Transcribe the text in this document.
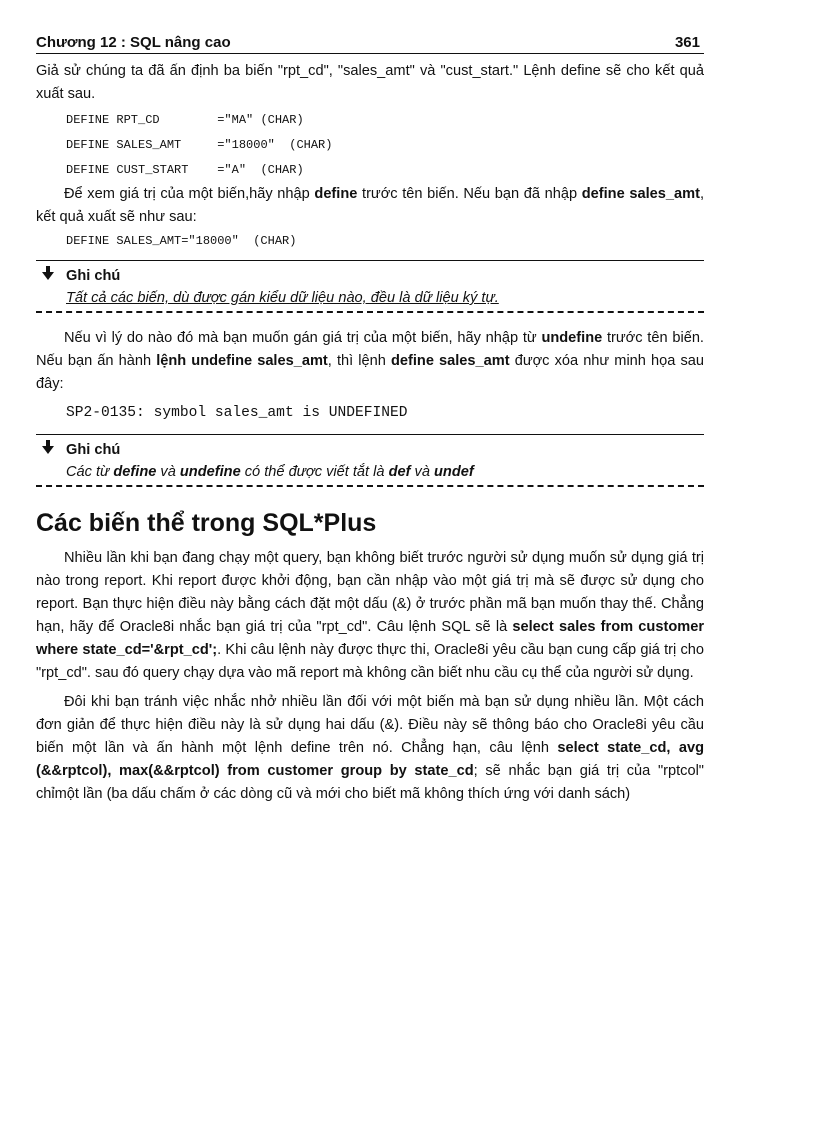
Chương 12 : SQL nâng cao	361

Giả sử chúng ta đã ấn định ba biến "rpt_cd", "sales_amt" và "cust_start." Lệnh define sẽ cho kết quả xuất sau.

DEFINE RPT_CD        ="MA" (CHAR)
DEFINE SALES_AMT     ="18000"  (CHAR)
DEFINE CUST_START    ="A"  (CHAR)

Để xem giá trị của một biến,hãy nhập define trước tên biến. Nếu bạn đã nhập define sales_amt, kết quả xuất sẽ như sau:

DEFINE SALES_AMT="18000"  (CHAR)
Ghi chú
Tất cả các biến, dù được gán kiểu dữ liệu nào, đều là dữ liệu ký tự.

Nếu vì lý do nào đó mà bạn muốn gán giá trị của một biến, hãy nhập từ undefine trước tên biến. Nếu bạn ấn hành lệnh undefine sales_amt, thì lệnh define sales_amt được xóa như minh họa sau đây:

SP2-0135: symbol sales_amt is UNDEFINED
Ghi chú
Các từ define và undefine có thể được viết tắt là def và undef
Các biến thể trong SQL*Plus

Nhiều lần khi bạn đang chạy một query, bạn không biết trước người sử dụng muốn sử dụng giá trị nào trong report. Khi report được khởi động, bạn cần nhập vào một giá trị mà sẽ được sử dụng cho report. Bạn thực hiện điều này bằng cách đặt một dấu (&) ở trước phần mã bạn muốn thay thế. Chẳng hạn, hãy để Oracle8i nhắc bạn giá trị của "rpt_cd". Câu lệnh SQL sẽ là select sales from customer where state_cd='&rpt_cd';. Khi câu lệnh này được thực thi, Oracle8i yêu cầu bạn cung cấp giá trị cho "rpt_cd". sau đó query chạy dựa vào mã report mà không cần biết nhu cầu cụ thể của người sử dụng.

Đôi khi bạn tránh việc nhắc nhở nhiều lần đối với một biến mà bạn sử dụng nhiều lần. Một cách đơn giản để thực hiện điều này là sử dụng hai dấu (&). Điều này sẽ thông báo cho Oracle8i yêu cầu biến một lần và ấn hành một lệnh define trên nó. Chẳng hạn, câu lệnh select state_cd, avg (&&rptcol), max(&&rptcol) from customer group by state_cd; sẽ nhắc bạn giá trị của "rptcol" chỉmột lần (ba dấu chấm ở các dòng cũ và mới cho biết mã không thích ứng với danh sách)
